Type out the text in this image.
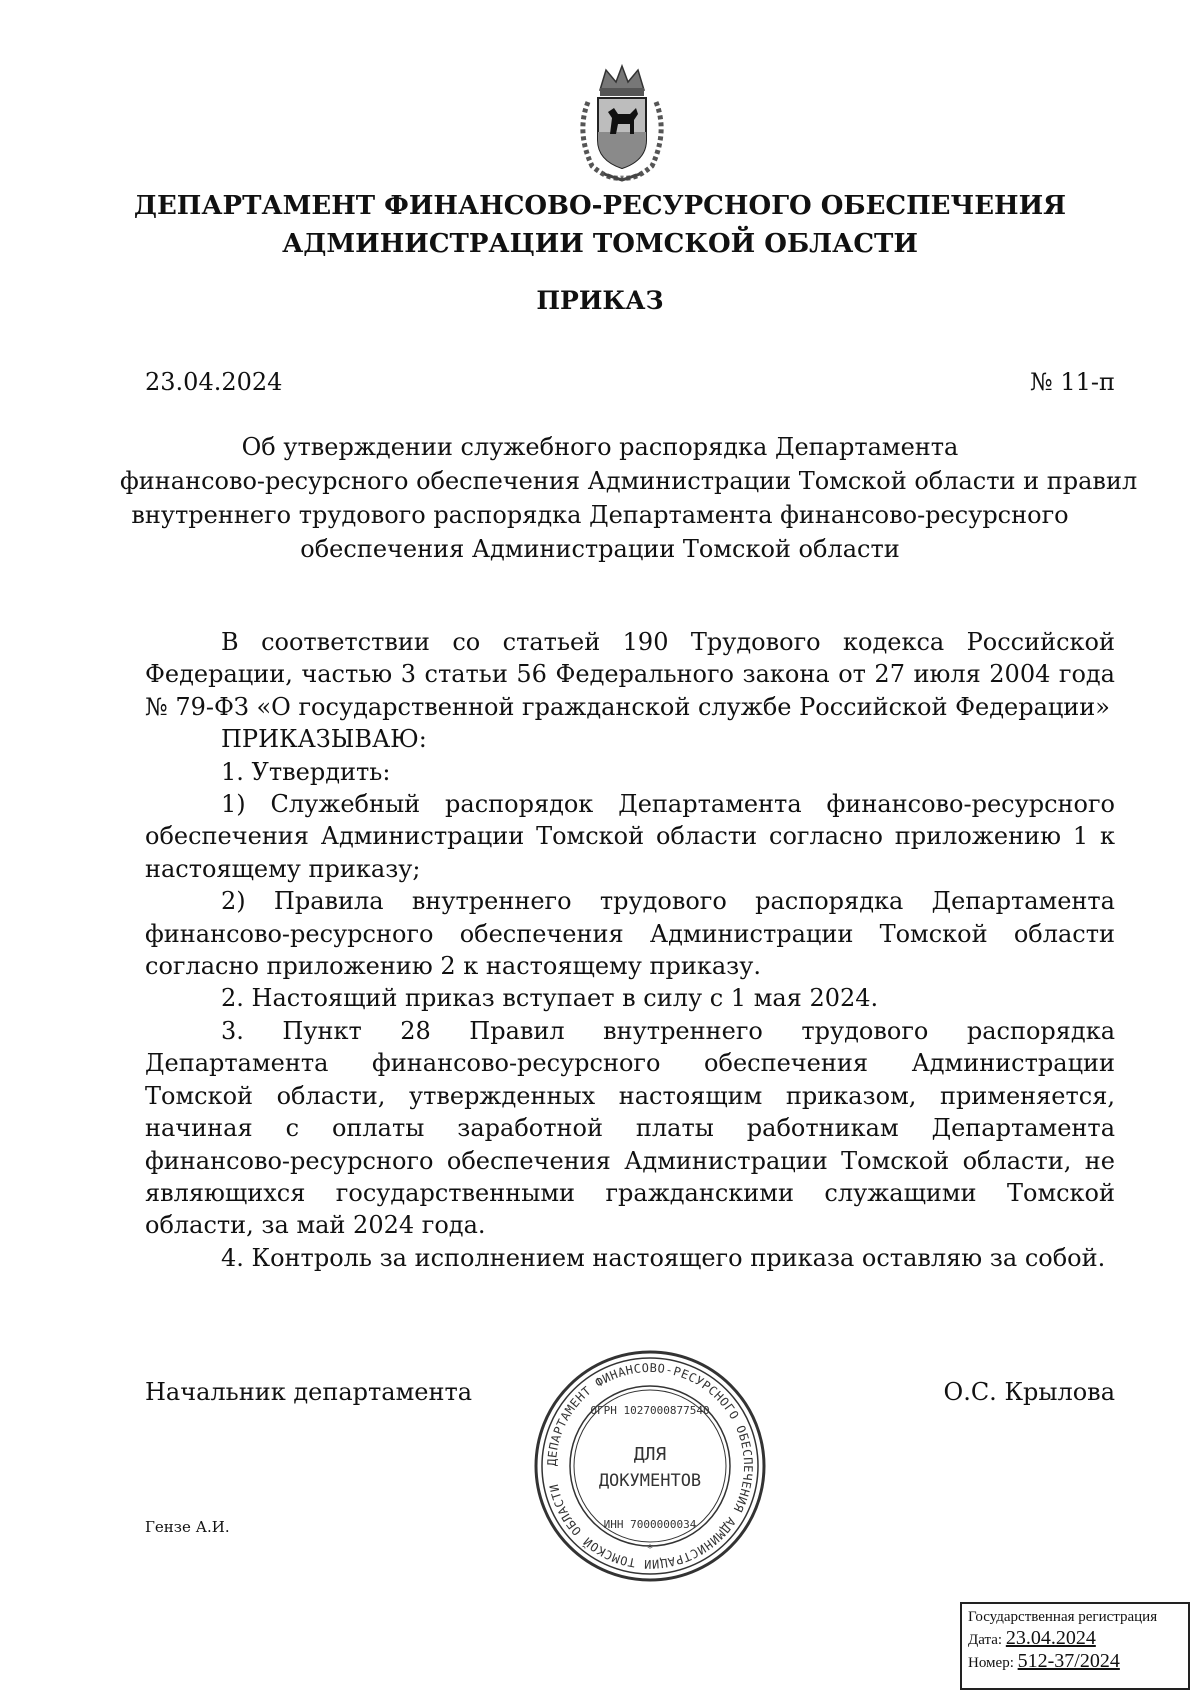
ДЕПАРТАМЕНТ ФИНАНСОВО-РЕСУРСНОГО ОБЕСПЕЧЕНИЯ
АДМИНИСТРАЦИИ ТОМСКОЙ ОБЛАСТИ
ПРИКАЗ
23.04.2024	№ 11-п
Об утверждении служебного распорядка Департамента
финансово-ресурсного обеспечения Администрации Томской области и правил
внутреннего трудового распорядка Департамента финансово-ресурсного
обеспечения Администрации Томской области

В соответствии со статьей 190 Трудового кодекса Российской Федерации, частью 3 статьи 56 Федерального закона от 27 июля 2004 года № 79-ФЗ «О государственной гражданской службе Российской Федерации»

ПРИКАЗЫВАЮ:

1. Утвердить:

1) Служебный распорядок Департамента финансово-ресурсного обеспечения Администрации Томской области согласно приложению 1 к настоящему приказу;

2) Правила внутреннего трудового распорядка Департамента финансово-ресурсного обеспечения Администрации Томской области согласно приложению 2 к настоящему приказу.

2. Настоящий приказ вступает в силу с 1 мая 2024.

3. Пункт 28 Правил внутреннего трудового распорядка Департамента финансово-ресурсного обеспечения Администрации Томской области, утвержденных настоящим приказом, применяется, начиная с оплаты заработной платы работникам Департамента финансово-ресурсного обеспечения Администрации Томской области, не являющихся государственными гражданскими служащими Томской области, за май 2024 года.

4. Контроль за исполнением настоящего приказа оставляю за собой.

Начальник департамента	О.С. Крылова
Гензе А.И.
ДЕПАРТАМЕНТ ФИНАНСОВО-РЕСУРСНОГО ОБЕСПЕЧЕНИЯ АДМИНИСТРАЦИИ ТОМСКОЙ ОБЛАСТИ
ОГРН 1027000877540
ДЛЯ
ДОКУМЕНТОВ
ИНН 7000000034
*
Государственная регистрация
Дата: 23.04.2024
Номер: 512-37/2024
